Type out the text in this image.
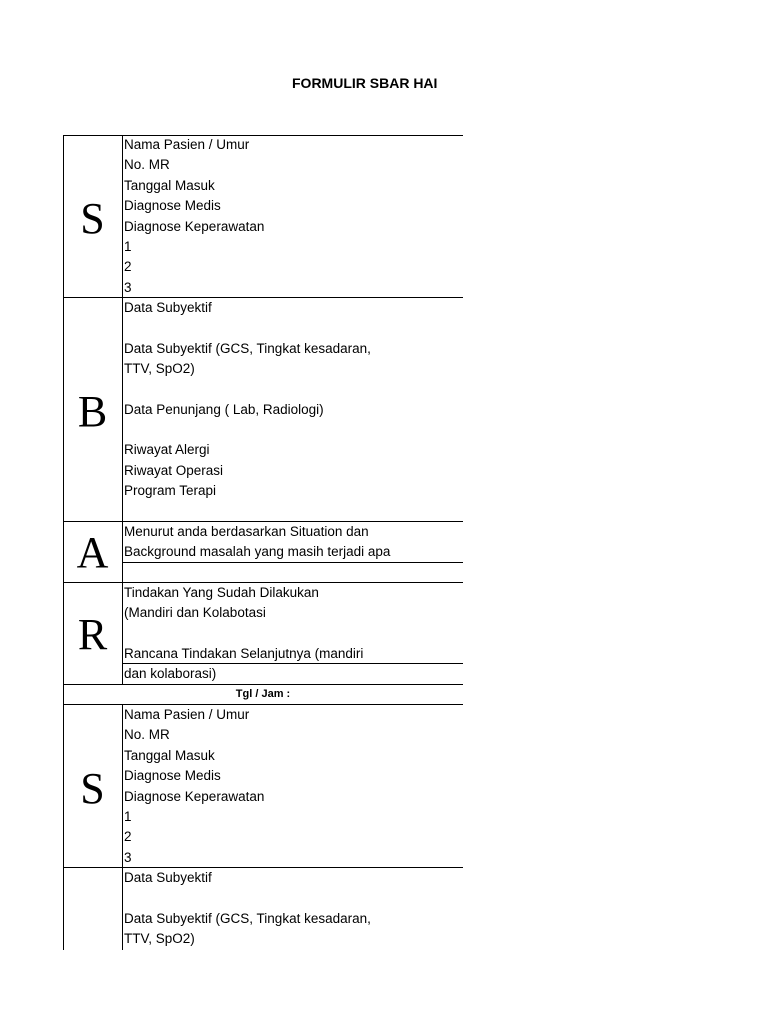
FORMULIR SBAR HAI
S
Nama Pasien / Umur
No. MR
Tanggal Masuk
Diagnose Medis
Diagnose Keperawatan
1
2
3
B
Data Subyektif
Data Subyektif (GCS, Tingkat kesadaran,
TTV, SpO2)
Data Penunjang ( Lab, Radiologi)
Riwayat Alergi
Riwayat Operasi
Program Terapi
A	Menurut anda berdasarkan Situation dan
Background masalah yang masih terjadi apa
R
Tindakan Yang Sudah Dilakukan
(Mandiri dan Kolabotasi
Rancana Tindakan Selanjutnya (mandiri
dan kolaborasi)
Tgl / Jam :
S
Nama Pasien / Umur
No. MR
Tanggal Masuk
Diagnose Medis
Diagnose Keperawatan
1
2
3
Data Subyektif
Data Subyektif (GCS, Tingkat kesadaran,
TTV, SpO2)
